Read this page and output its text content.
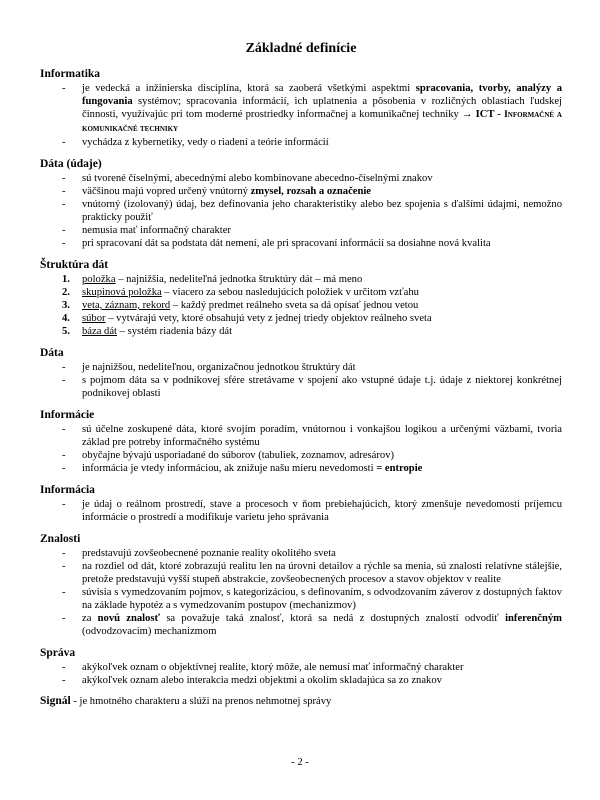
Základné definície
Informatika
- je vedecká a inžinierska disciplína, ktorá sa zaoberá všetkými aspektmi spracovania, tvorby, analýzy a fungovania systémov; spracovania informácií, ich uplatnenia a pôsobenia v rozličných oblastiach ľudskej činnosti, využívajúc pri tom moderné prostriedky informačnej a komunikačnej techniky → ICT - Informačné a komunikačné techniky
- vychádza z kybernetiky, vedy o riadení a teórie informácií
Dáta (údaje)
- sú tvorené číselnými, abecednými alebo kombinovane abecedno-číselnými znakov
- väčšinou majú vopred určený vnútorný zmysel, rozsah a označenie
- vnútorný (izolovaný) údaj, bez definovania jeho charakteristiky alebo bez spojenia s ďalšími údajmi, nemožno prakticky použiť
- nemusia mať informačný charakter
- pri spracovaní dát sa podstata dát nemení, ale pri spracovaní informácií sa dosiahne nová kvalita
Štruktúra dát
1. položka – najnižšia, nedeliteľná jednotka štruktúry dát – má meno
2. skupinová položka – viacero za sebou nasledujúcich položiek v určitom vzťahu
3. veta, záznam, rekord – každý predmet reálneho sveta sa dá opísať jednou vetou
4. súbor – vytvárajú vety, ktoré obsahujú vety z jednej triedy objektov reálneho sveta
5. báza dát – systém riadenia bázy dát
Dáta
- je najnižšou, nedeliteľnou, organizačnou jednotkou štruktúry dát
- s pojmom dáta sa v podnikovej sfére stretávame v spojení ako vstupné údaje t.j. údaje z niektorej konkrétnej podnikovej oblasti
Informácie
- sú účelne zoskupené dáta, ktoré svojím poradím, vnútornou i vonkajšou logikou a určenými väzbami, tvoria základ pre potreby informačného systému
- obyčajne bývajú usporiadané do súborov (tabuliek, zoznamov, adresárov)
- informácia je vtedy informáciou, ak znižuje našu mieru nevedomosti = entropie
Informácia
- je údaj o reálnom prostredí, stave a procesoch v ňom prebiehajúcich, ktorý zmenšuje nevedomosti príjemcu informácie o prostredí a modifikuje varietu jeho správania
Znalosti
- predstavujú zovšeobecnené poznanie reality okolitého sveta
- na rozdiel od dát, ktoré zobrazujú realitu len na úrovni detailov a rýchle sa menia, sú znalosti relatívne stálejšie, pretože predstavujú vyšší stupeň abstrakcie, zovšeobecnených procesov a stavov objektov v realite
- súvisia s vymedzovaním pojmov, s kategorizáciou, s definovaním, s odvodzovaním záverov z dostupných faktov na základe hypotéz a s vymedzovaním postupov (mechanizmov)
- za novú znalosť sa považuje taká znalosť, ktorá sa nedá z dostupných znalostí odvodiť inferenčným (odvodzovacím) mechanizmom
Správa
- akýkoľvek oznam o objektívnej realite, ktorý môže, ale nemusí mať informačný charakter
- akýkoľvek oznam alebo interakcia medzi objektmi a okolím skladajúca sa zo znakov
Signál - je hmotného charakteru a slúži na prenos nehmotnej správy
- 2 -
